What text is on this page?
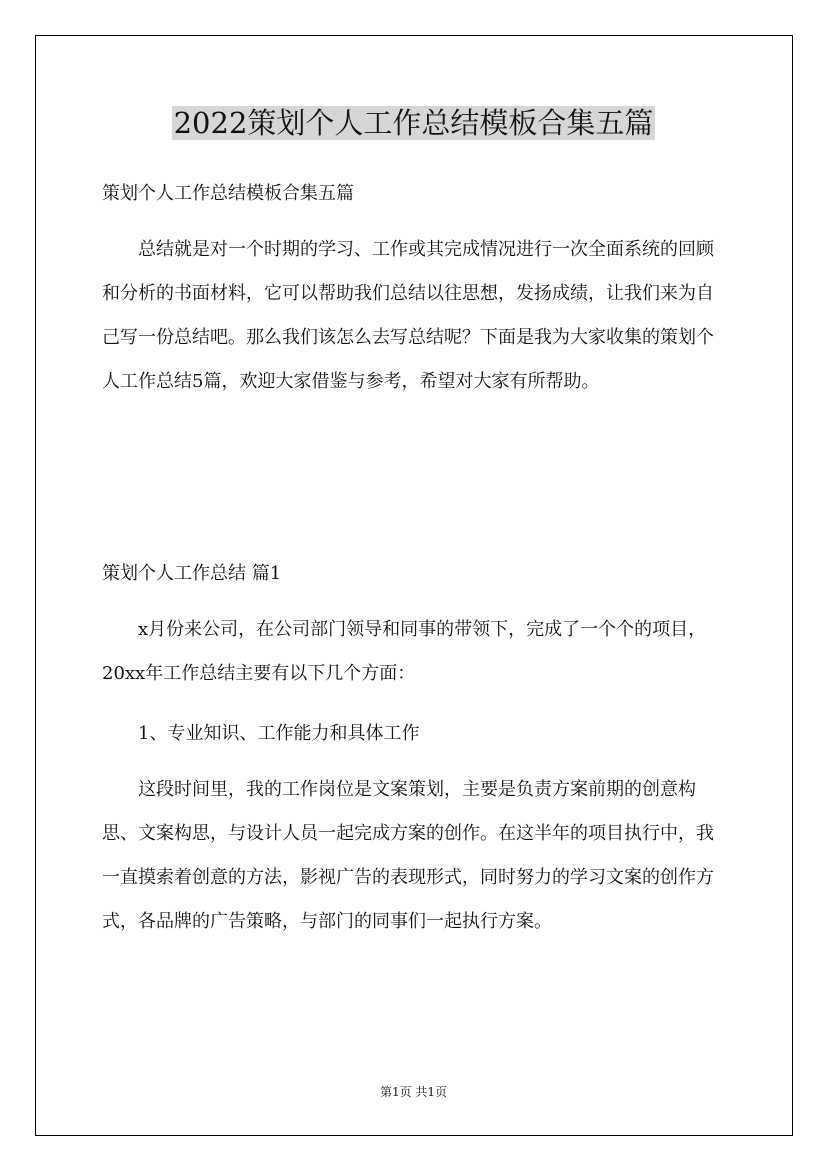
2022策划个人工作总结模板合集五篇
策划个人工作总结模板合集五篇

总结就是对一个时期的学习、工作或其完成情况进行一次全面系统的回顾和分析的书面材料，它可以帮助我们总结以往思想，发扬成绩，让我们来为自己写一份总结吧。那么我们该怎么去写总结呢？下面是我为大家收集的策划个人工作总结5篇，欢迎大家借鉴与参考，希望对大家有所帮助。

策划个人工作总结 篇1

x月份来公司，在公司部门领导和同事的带领下，完成了一个个的项目，20xx年工作总结主要有以下几个方面：

1、专业知识、工作能力和具体工作

这段时间里，我的工作岗位是文案策划，主要是负责方案前期的创意构思、文案构思，与设计人员一起完成方案的创作。在这半年的项目执行中，我一直摸索着创意的方法，影视广告的表现形式，同时努力的学习文案的创作方式，各品牌的广告策略，与部门的同事们一起执行方案。

第1页 共1页
